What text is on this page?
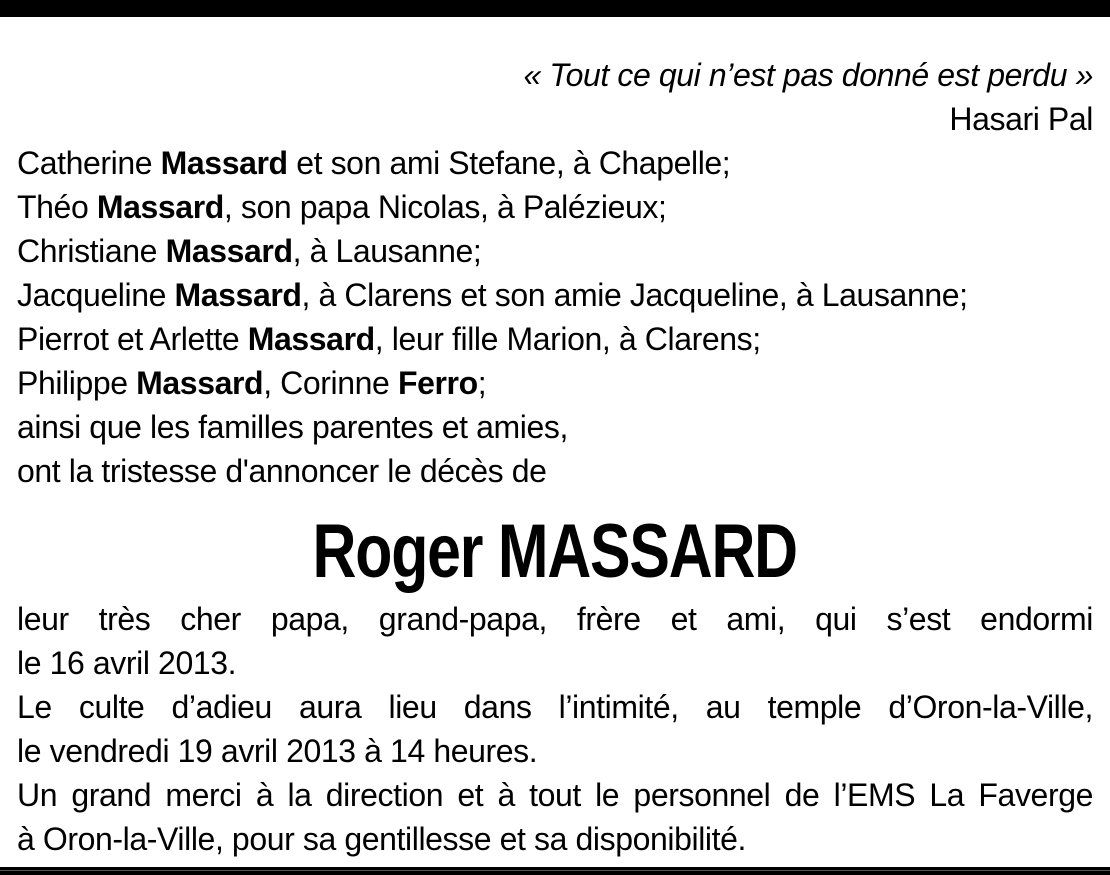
« Tout ce qui n’est pas donné est perdu »
Hasari Pal
Catherine Massard et son ami Stefane, à Chapelle;
Théo Massard, son papa Nicolas, à Palézieux;
Christiane Massard, à Lausanne;
Jacqueline Massard, à Clarens et son amie Jacqueline, à Lausanne;
Pierrot et Arlette Massard, leur fille Marion, à Clarens;
Philippe Massard, Corinne Ferro;
ainsi que les familles parentes et amies,
ont la tristesse d'annoncer le décès de
Roger MASSARD
leur très cher papa, grand-papa, frère et ami, qui s’est endormi
le 16 avril 2013.
Le culte d’adieu aura lieu dans l’intimité, au temple d’Oron-la-Ville,
le vendredi 19 avril 2013 à 14 heures.
Un grand merci à la direction et à tout le personnel de l’EMS La Faverge
à Oron-la-Ville, pour sa gentillesse et sa disponibilité.
